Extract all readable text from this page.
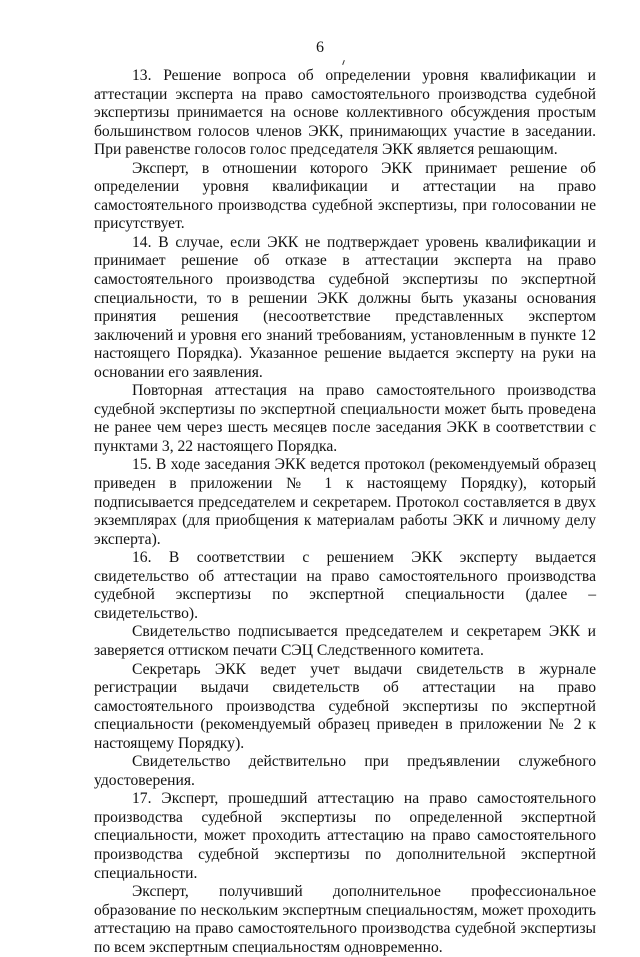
6

13. Решение вопроса об определении уровня квалификации и аттестации эксперта на право самостоятельного производства судебной экспертизы принимается на основе коллективного обсуждения простым большинством голосов членов ЭКК, принимающих участие в заседании. При равенстве голосов голос председателя ЭКК является решающим.

Эксперт, в отношении которого ЭКК принимает решение об определении уровня квалификации и аттестации на право самостоятельного производства судебной экспертизы, при голосовании не присутствует.

14. В случае, если ЭКК не подтверждает уровень квалификации и принимает решение об отказе в аттестации эксперта на право самостоятельного производства судебной экспертизы по экспертной специальности, то в решении ЭКК должны быть указаны основания принятия решения (несоответствие представленных экспертом заключений и уровня его знаний требованиям, установленным в пункте 12 настоящего Порядка). Указанное решение выдается эксперту на руки на основании его заявления.

Повторная аттестация на право самостоятельного производства судебной экспертизы по экспертной специальности может быть проведена не ранее чем через шесть месяцев после заседания ЭКК в соответствии с пунктами 3, 22 настоящего Порядка.

15. В ходе заседания ЭКК ведется протокол (рекомендуемый образец приведен в приложении № 1 к настоящему Порядку), который подписывается председателем и секретарем. Протокол составляется в двух экземплярах (для приобщения к материалам работы ЭКК и личному делу эксперта).

16. В соответствии с решением ЭКК эксперту выдается свидетельство об аттестации на право самостоятельного производства судебной экспертизы по экспертной специальности (далее – свидетельство).

Свидетельство подписывается председателем и секретарем ЭКК и заверяется оттиском печати СЭЦ Следственного комитета.

Секретарь ЭКК ведет учет выдачи свидетельств в журнале регистрации выдачи свидетельств об аттестации на право самостоятельного производства судебной экспертизы по экспертной специальности (рекомендуемый образец приведен в приложении № 2 к настоящему Порядку).

Свидетельство действительно при предъявлении служебного удостоверения.

17. Эксперт, прошедший аттестацию на право самостоятельного производства судебной экспертизы по определенной экспертной специальности, может проходить аттестацию на право самостоятельного производства судебной экспертизы по дополнительной экспертной специальности.

Эксперт, получивший дополнительное профессиональное образование по нескольким экспертным специальностям, может проходить аттестацию на право самостоятельного производства судебной экспертизы по всем экспертным специальностям одновременно.
